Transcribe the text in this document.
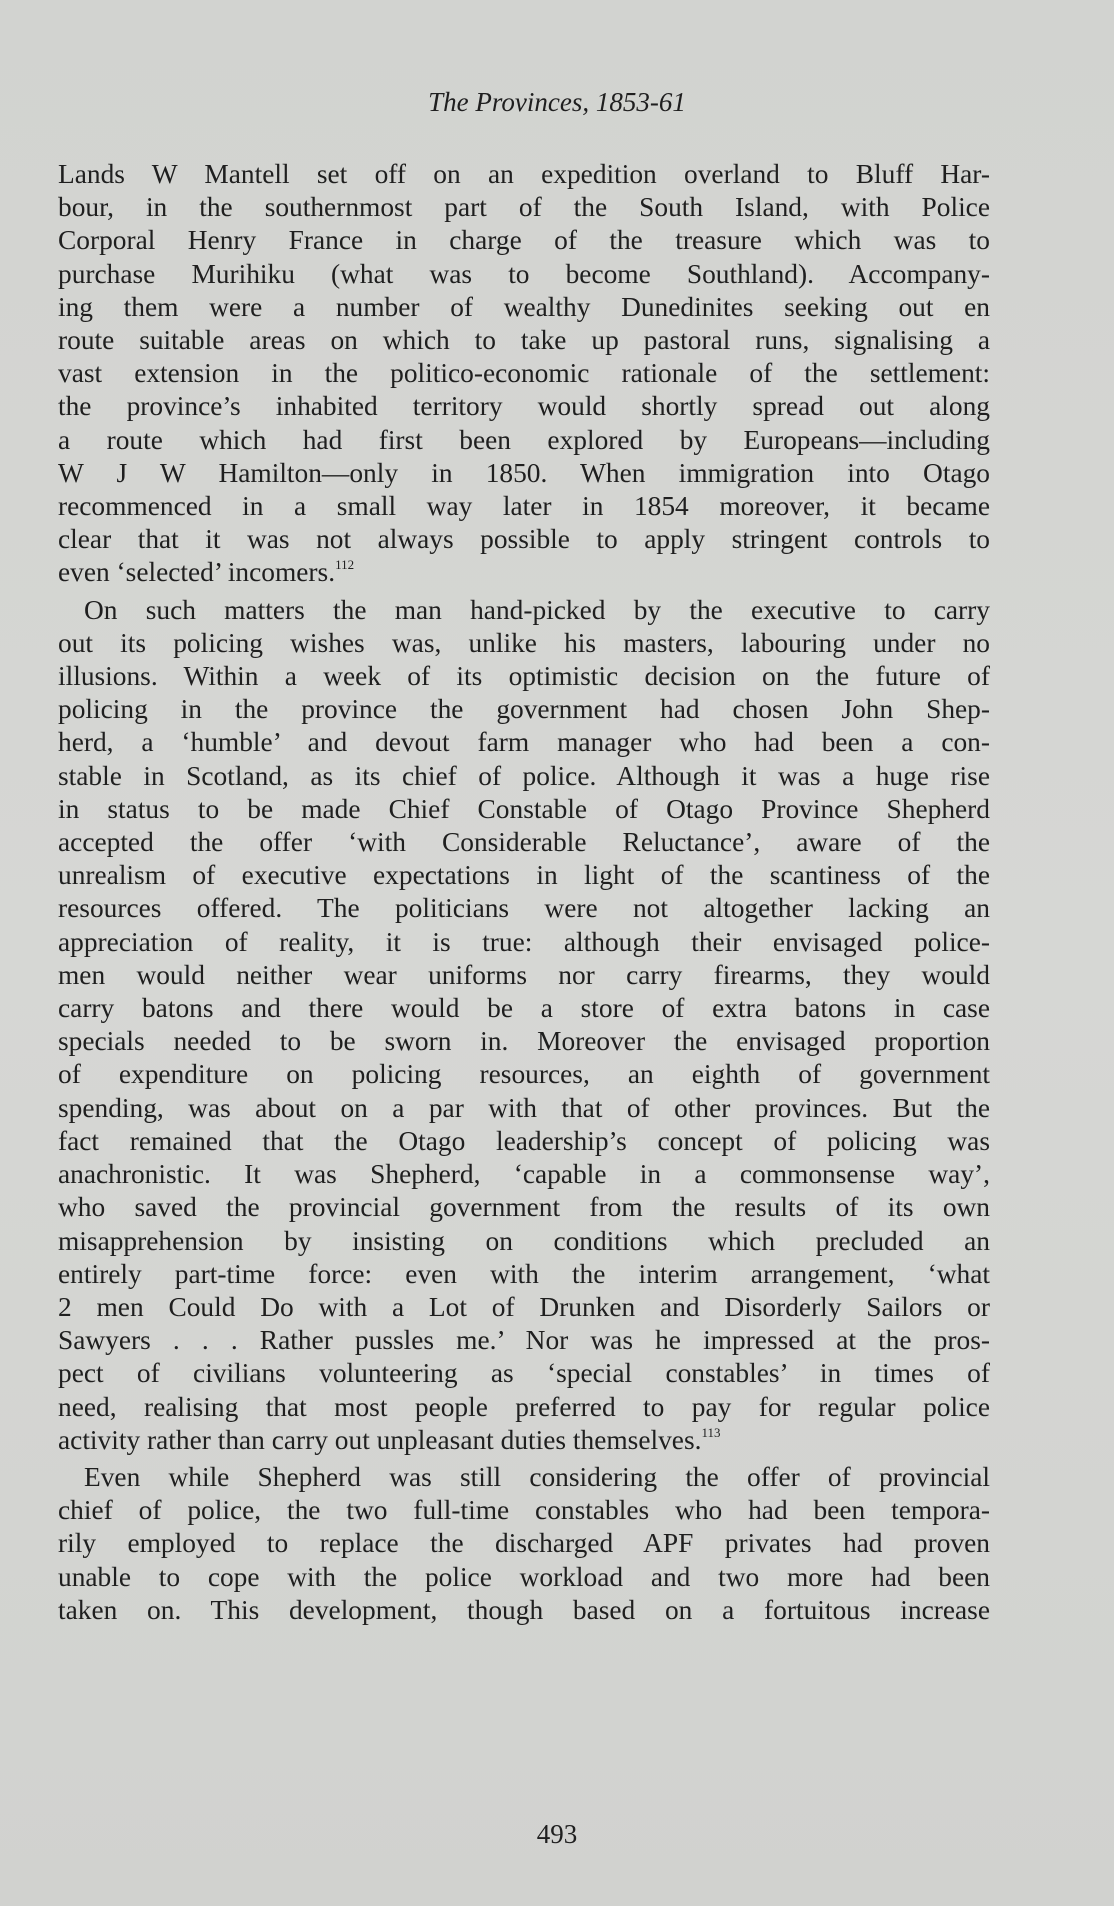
The Provinces, 1853-61

Lands W Mantell set off on an expedition overland to Bluff Har-
bour, in the southernmost part of the South Island, with Police
Corporal Henry France in charge of the treasure which was to
purchase Murihiku (what was to become Southland). Accompany-
ing them were a number of wealthy Dunedinites seeking out en
route suitable areas on which to take up pastoral runs, signalising a
vast extension in the politico-economic rationale of the settlement:
the province’s inhabited territory would shortly spread out along
a route which had first been explored by Europeans—including
W J W Hamilton—only in 1850. When immigration into Otago
recommenced in a small way later in 1854 moreover, it became
clear that it was not always possible to apply stringent controls to
even ‘selected’ incomers.$^{112}$

On such matters the man hand-picked by the executive to carry
out its policing wishes was, unlike his masters, labouring under no
illusions. Within a week of its optimistic decision on the future of
policing in the province the government had chosen John Shep-
herd, a ‘humble’ and devout farm manager who had been a con-
stable in Scotland, as its chief of police. Although it was a huge rise
in status to be made Chief Constable of Otago Province Shepherd
accepted the offer ‘with Considerable Reluctance’, aware of the
unrealism of executive expectations in light of the scantiness of the
resources offered. The politicians were not altogether lacking an
appreciation of reality, it is true: although their envisaged police-
men would neither wear uniforms nor carry firearms, they would
carry batons and there would be a store of extra batons in case
specials needed to be sworn in. Moreover the envisaged proportion
of expenditure on policing resources, an eighth of government
spending, was about on a par with that of other provinces. But the
fact remained that the Otago leadership’s concept of policing was
anachronistic. It was Shepherd, ‘capable in a commonsense way’,
who saved the provincial government from the results of its own
misapprehension by insisting on conditions which precluded an
entirely part-time force: even with the interim arrangement, ‘what
2 men Could Do with a Lot of Drunken and Disorderly Sailors or
Sawyers . . . Rather pussles me.’ Nor was he impressed at the pros-
pect of civilians volunteering as ‘special constables’ in times of
need, realising that most people preferred to pay for regular police
activity rather than carry out unpleasant duties themselves.$^{113}$

Even while Shepherd was still considering the offer of provincial
chief of police, the two full-time constables who had been tempora-
rily employed to replace the discharged APF privates had proven
unable to cope with the police workload and two more had been
taken on. This development, though based on a fortuitous increase

493
